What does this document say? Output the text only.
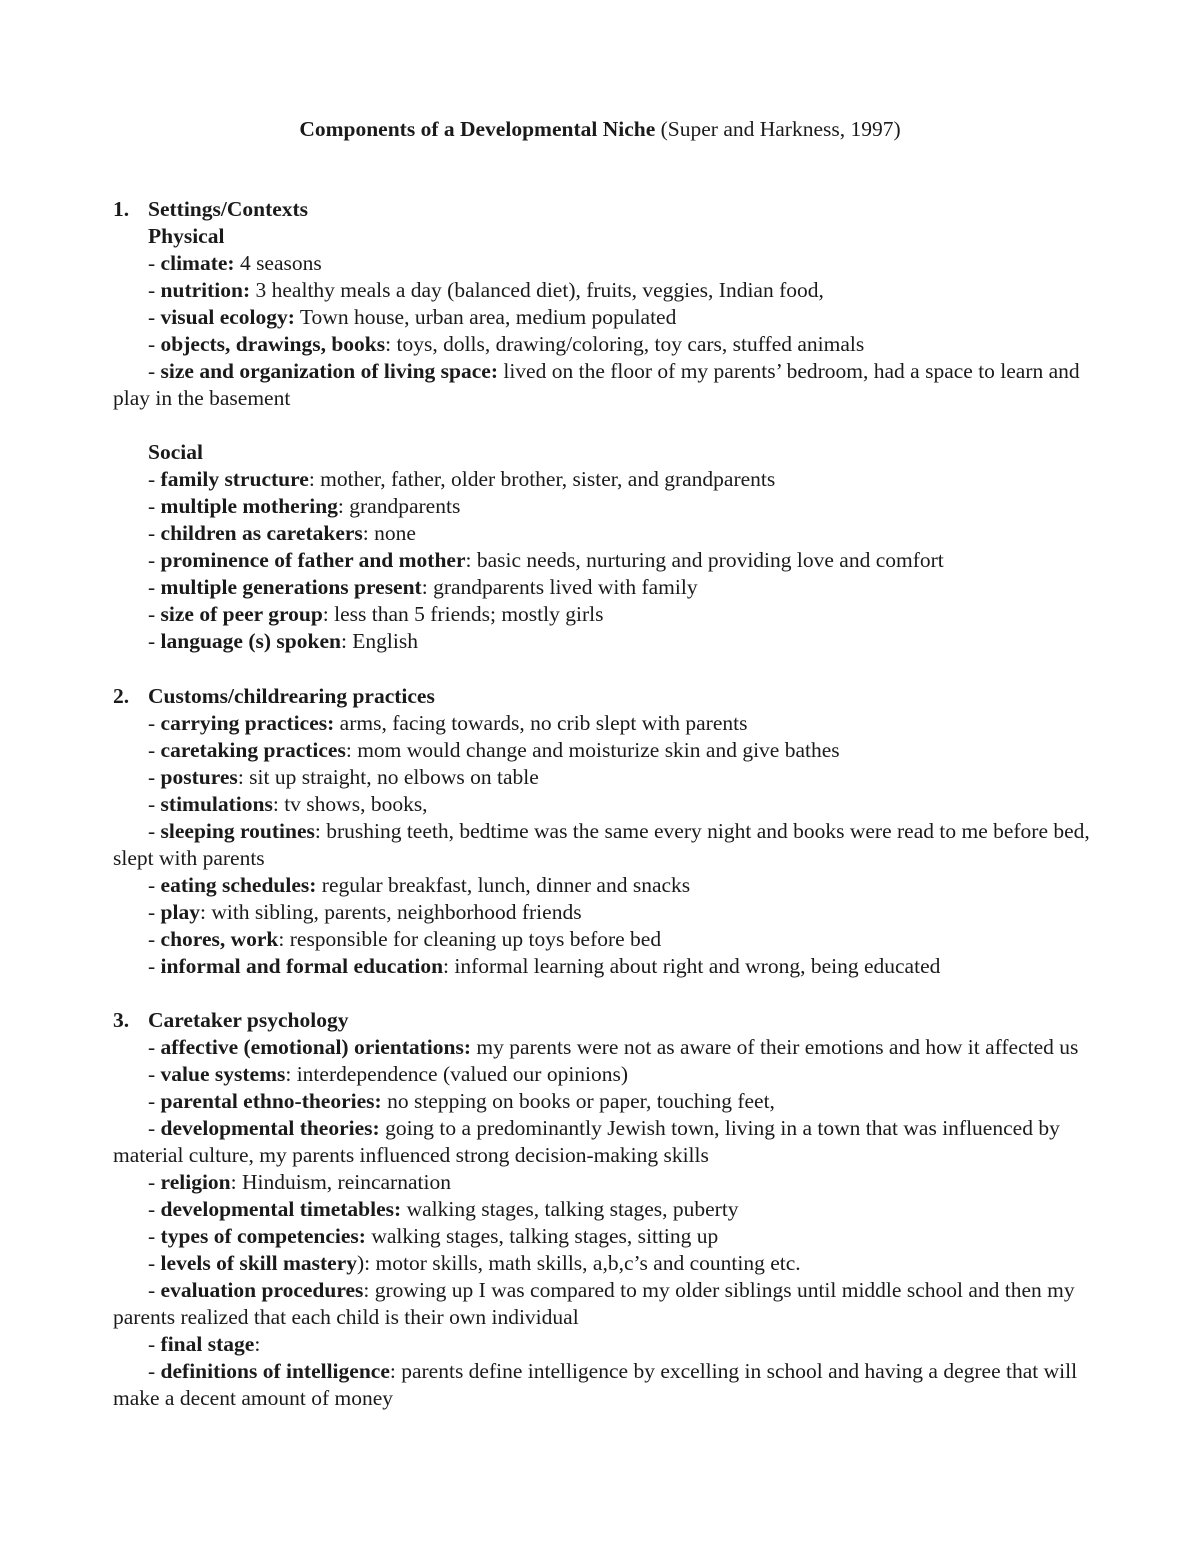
Components of a Developmental Niche (Super and Harkness, 1997)
1. Settings/Contexts
Physical
- climate: 4 seasons
- nutrition: 3 healthy meals a day (balanced diet), fruits, veggies, Indian food,
- visual ecology: Town house, urban area, medium populated
- objects, drawings, books: toys, dolls, drawing/coloring, toy cars, stuffed animals
- size and organization of living space: lived on the floor of my parents’ bedroom, had a space to learn and play in the basement
Social
- family structure: mother, father, older brother, sister, and grandparents
- multiple mothering: grandparents
- children as caretakers: none
- prominence of father and mother: basic needs, nurturing and providing love and comfort
- multiple generations present: grandparents lived with family
- size of peer group: less than 5 friends; mostly girls
- language (s) spoken: English
2. Customs/childrearing practices
- carrying practices: arms, facing towards, no crib slept with parents
- caretaking practices: mom would change and moisturize skin and give bathes
- postures: sit up straight, no elbows on table
- stimulations: tv shows, books,
- sleeping routines: brushing teeth, bedtime was the same every night and books were read to me before bed, slept with parents
- eating schedules: regular breakfast, lunch, dinner and snacks
- play: with sibling, parents, neighborhood friends
- chores, work: responsible for cleaning up toys before bed
- informal and formal education: informal learning about right and wrong, being educated
3. Caretaker psychology
- affective (emotional) orientations: my parents were not as aware of their emotions and how it affected us
- value systems: interdependence (valued our opinions)
- parental ethno-theories: no stepping on books or paper, touching feet,
- developmental theories: going to a predominantly Jewish town, living in a town that was influenced by material culture, my parents influenced strong decision-making skills
- religion: Hinduism, reincarnation
- developmental timetables: walking stages, talking stages, puberty
- types of competencies: walking stages, talking stages, sitting up
- levels of skill mastery): motor skills, math skills, a,b,c’s and counting etc.
- evaluation procedures: growing up I was compared to my older siblings until middle school and then my parents realized that each child is their own individual
- final stage:
- definitions of intelligence: parents define intelligence by excelling in school and having a degree that will make a decent amount of money
